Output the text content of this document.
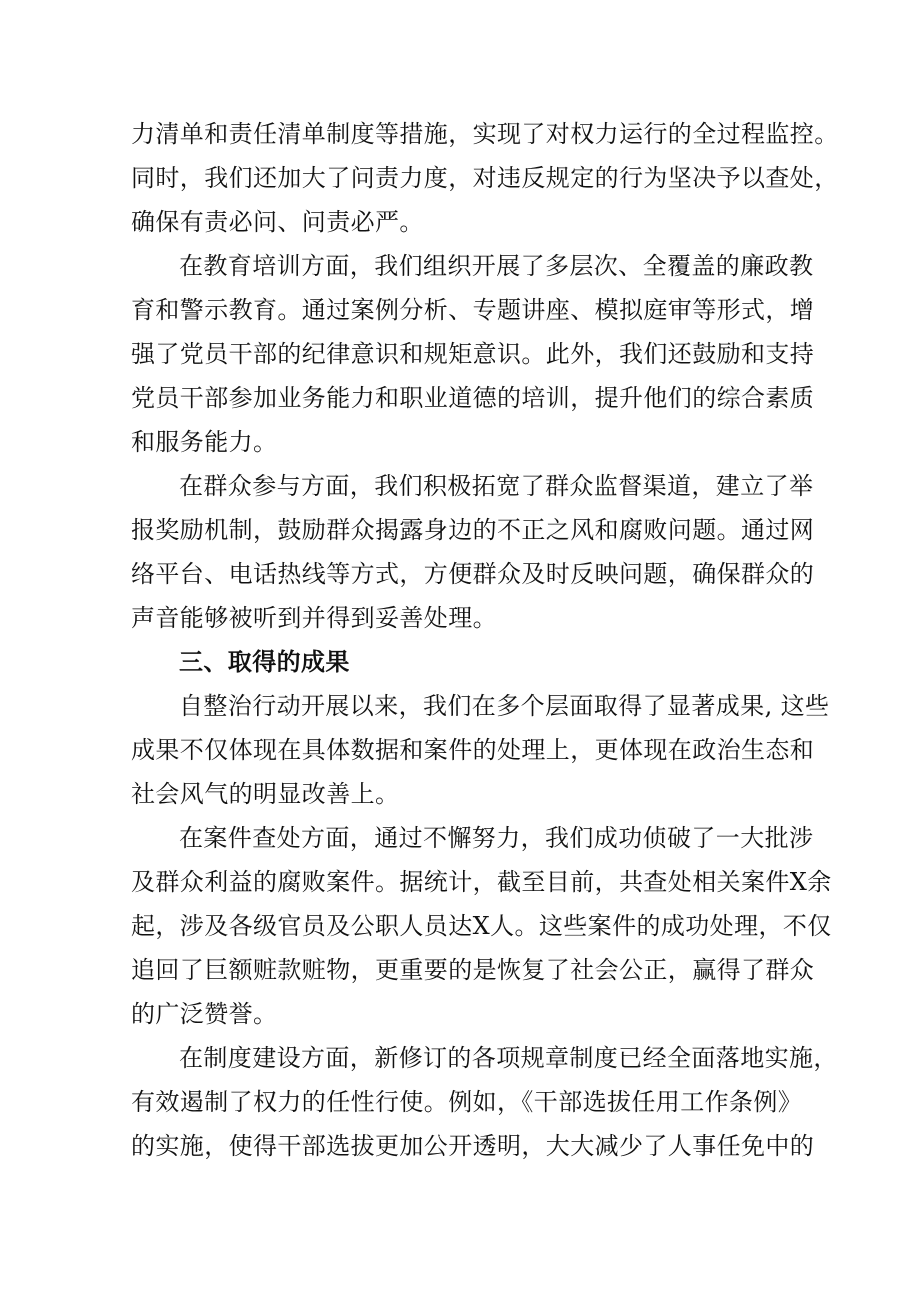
力清单和责任清单制度等措施，实现了对权力运行的全过程监控。
同时，我们还加大了问责力度，对违反规定的行为坚决予以查处，
确保有责必问、问责必严。
在教育培训方面，我们组织开展了多层次、全覆盖的廉政教
育和警示教育。通过案例分析、专题讲座、模拟庭审等形式，增
强了党员干部的纪律意识和规矩意识。此外，我们还鼓励和支持
党员干部参加业务能力和职业道德的培训，提升他们的综合素质
和服务能力。
在群众参与方面，我们积极拓宽了群众监督渠道，建立了举
报奖励机制，鼓励群众揭露身边的不正之风和腐败问题。通过网
络平台、电话热线等方式，方便群众及时反映问题，确保群众的
声音能够被听到并得到妥善处理。
三、取得的成果
自整治行动开展以来，我们在多个层面取得了显著成果, 这些
成果不仅体现在具体数据和案件的处理上，更体现在政治生态和
社会风气的明显改善上。
在案件查处方面，通过不懈努力，我们成功侦破了一大批涉
及群众利益的腐败案件。据统计，截至目前，共查处相关案件X余
起，涉及各级官员及公职人员达X人。这些案件的成功处理，不仅
追回了巨额赃款赃物，更重要的是恢复了社会公正，赢得了群众
的广泛赞誉。
在制度建设方面，新修订的各项规章制度已经全面落地实施，
有效遏制了权力的任性行使。例如，《干部选拔任用工作条例》
的实施，使得干部选拔更加公开透明，大大减少了人事任免中的
